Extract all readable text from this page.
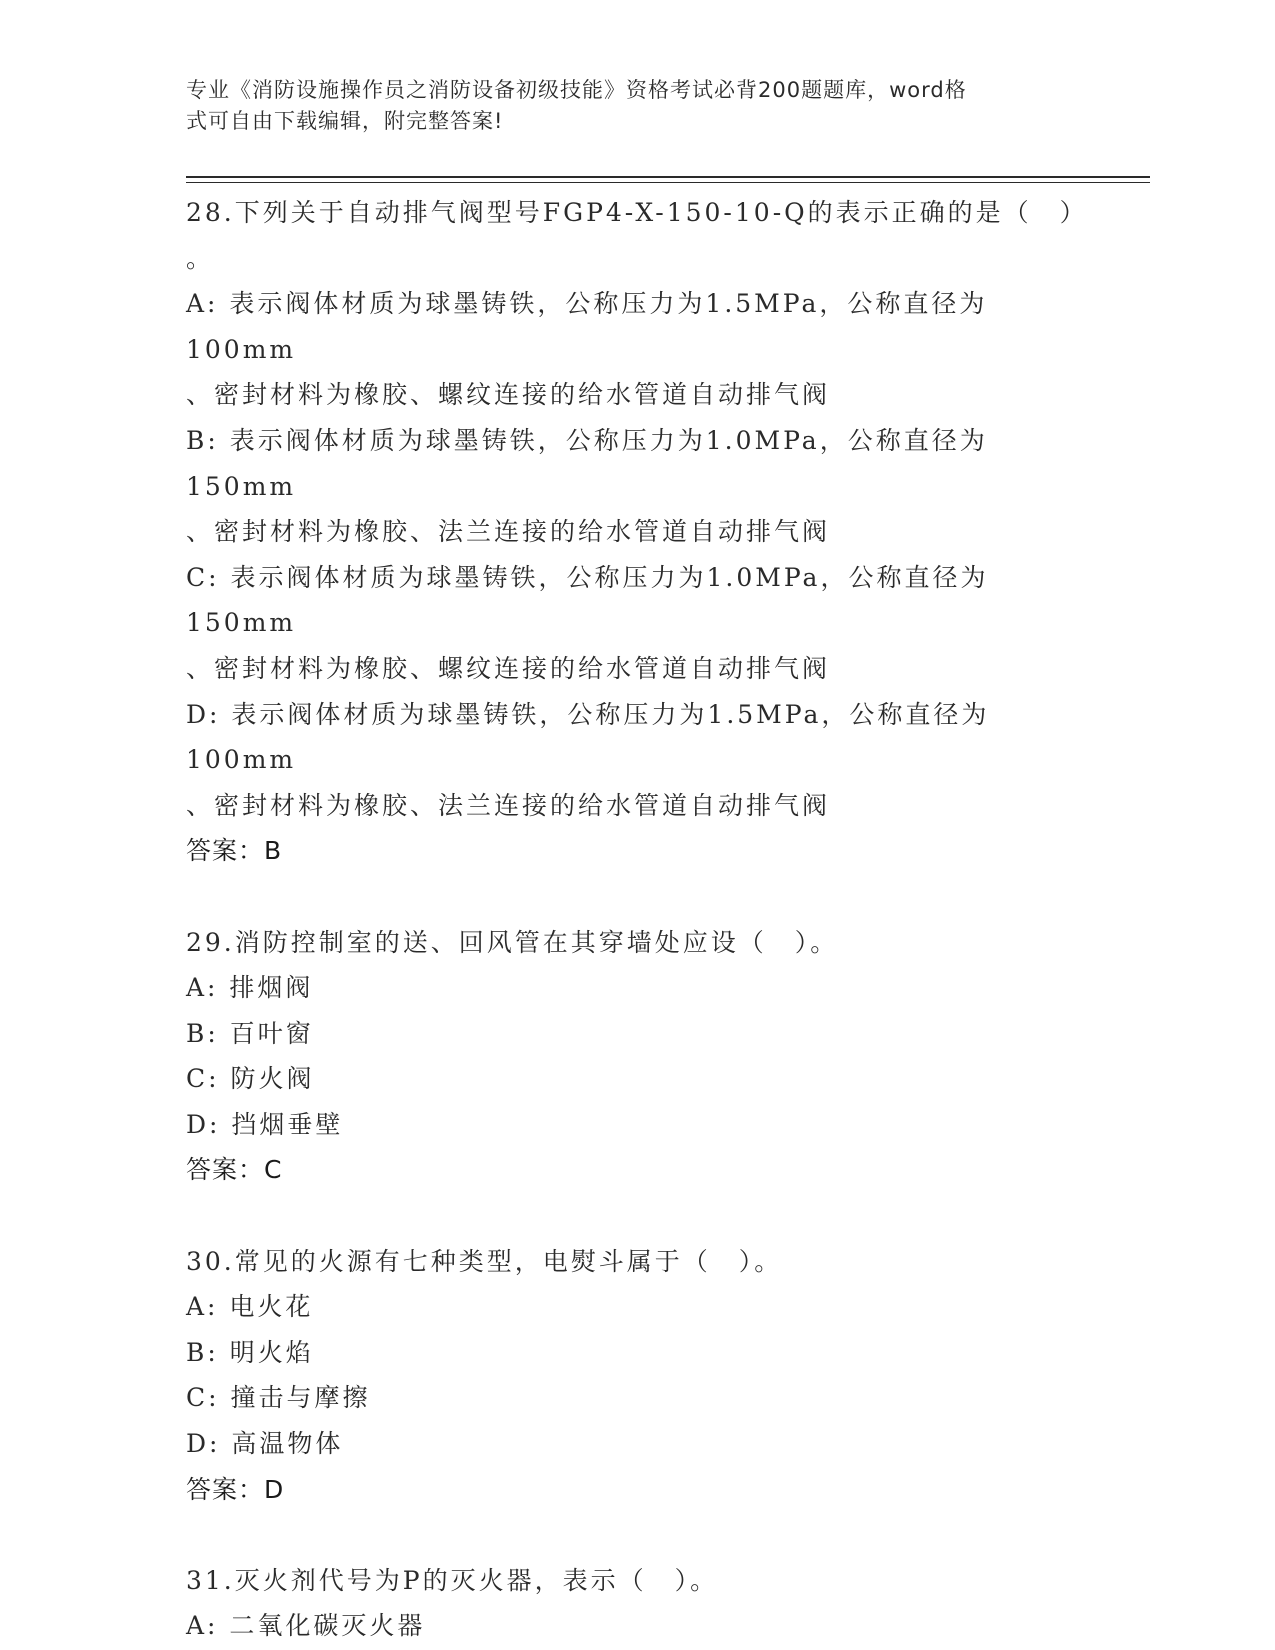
专业《消防设施操作员之消防设备初级技能》资格考试必背200题题库，word格
式可自由下载编辑，附完整答案!
28.下列关于自动排气阀型号FGP4-X-150-10-Q的表示正确的是（　）
。
A: 表示阀体材质为球墨铸铁，公称压力为1.5MPa，公称直径为100mm
、密封材料为橡胶、螺纹连接的给水管道自动排气阀
B: 表示阀体材质为球墨铸铁，公称压力为1.0MPa，公称直径为150mm
、密封材料为橡胶、法兰连接的给水管道自动排气阀
C: 表示阀体材质为球墨铸铁，公称压力为1.0MPa，公称直径为150mm
、密封材料为橡胶、螺纹连接的给水管道自动排气阀
D: 表示阀体材质为球墨铸铁，公称压力为1.5MPa，公称直径为100mm
、密封材料为橡胶、法兰连接的给水管道自动排气阀
答案：B
29.消防控制室的送、回风管在其穿墙处应设（　）。
A: 排烟阀
B: 百叶窗
C: 防火阀
D: 挡烟垂壁
答案：C
30.常见的火源有七种类型，电熨斗属于（　）。
A: 电火花
B: 明火焰
C: 撞击与摩擦
D: 高温物体
答案：D
31.灭火剂代号为P的灭火器，表示（　）。
A: 二氧化碳灭火器
